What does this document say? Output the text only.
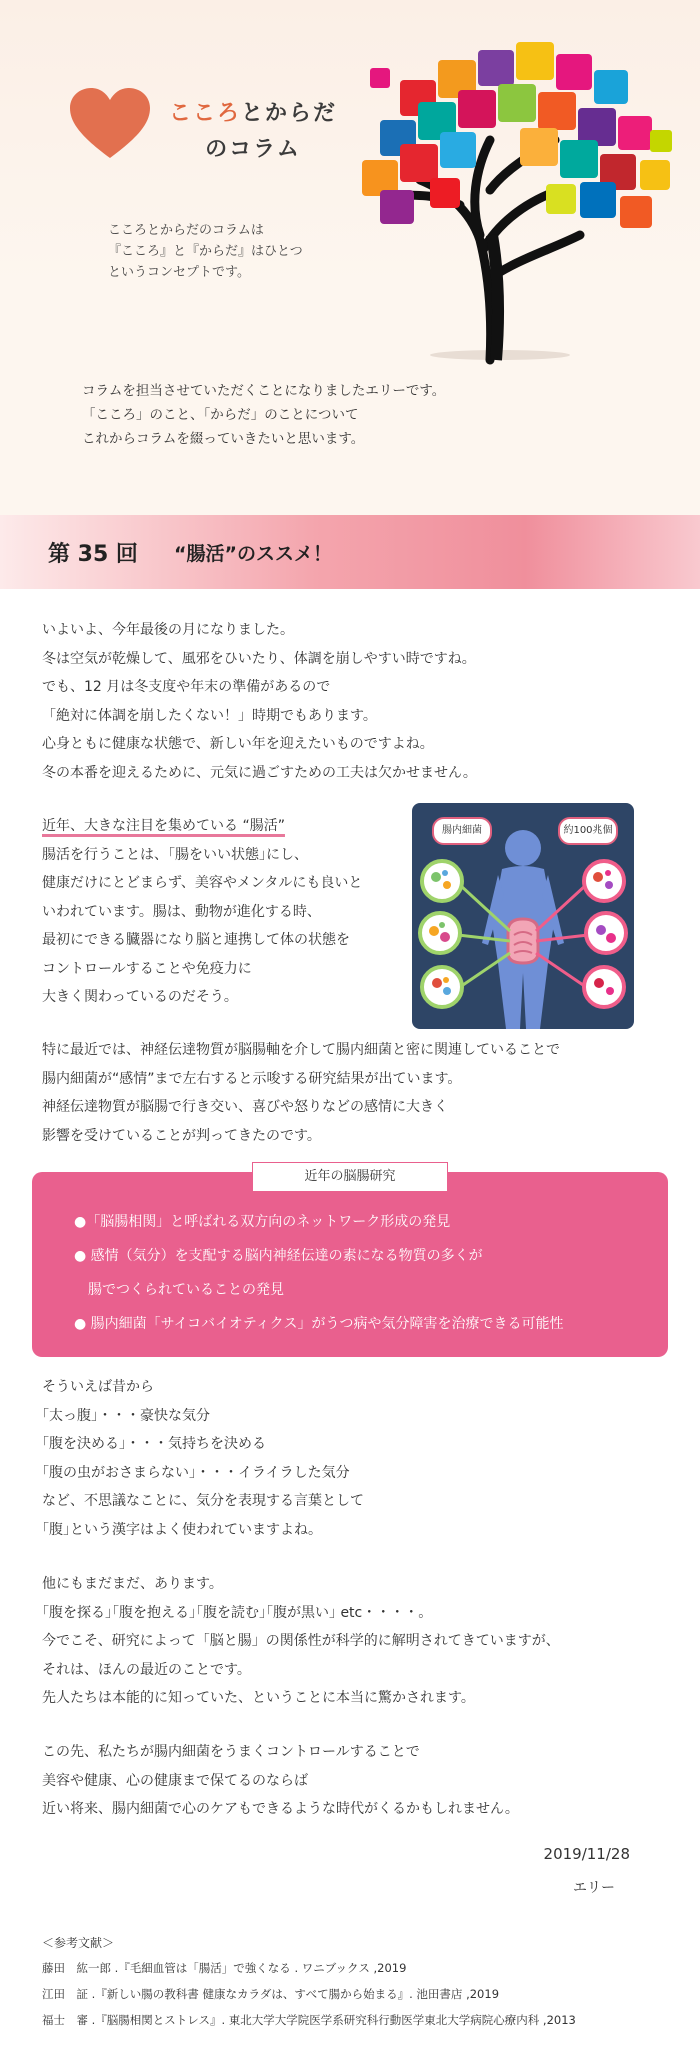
こころとからだ
のコラム
こころとからだのコラムは
『こころ』と『からだ』はひとつ
というコンセプトです。
コラムを担当させていただくことになりましたエリーです。
「こころ」のこと、「からだ」のことについて
これからコラムを綴っていきたいと思います。
第 35 回 “腸活”のススメ！
いよいよ、今年最後の月になりました。
冬は空気が乾燥して、風邪をひいたり、体調を崩しやすい時ですね。
でも、12 月は冬支度や年末の準備があるので
「絶対に体調を崩したくない！」時期でもあります。
心身ともに健康な状態で、新しい年を迎えたいものですよね。
冬の本番を迎えるために、元気に過ごすための工夫は欠かせません。
近年、大きな注目を集めている “腸活”
腸活を行うことは、｢腸をいい状態｣にし、
健康だけにとどまらず、美容やメンタルにも良いと
いわれています。腸は、動物が進化する時、
最初にできる臓器になり脳と連携して体の状態を
コントロールすることや免疫力に
大きく関わっているのだそう。
腸内細菌	約100兆個
特に最近では、神経伝達物質が脳腸軸を介して腸内細菌と密に関連していることで
腸内細菌が“感情”まで左右すると示唆する研究結果が出ています。
神経伝達物質が脳腸で行き交い、喜びや怒りなどの感情に大きく
影響を受けていることが判ってきたのです。
近年の脳腸研究
●「脳腸相関」と呼ばれる双方向のネットワーク形成の発見
● 感情（気分）を支配する脳内神経伝達の素になる物質の多くが
　腸でつくられていることの発見
● 腸内細菌「サイコバイオティクス」がうつ病や気分障害を治療できる可能性
そういえば昔から
｢太っ腹｣・・・豪快な気分
｢腹を決める｣・・・気持ちを決める
｢腹の虫がおさまらない｣・・・イライラした気分
など、不思議なことに、気分を表現する言葉として
｢腹｣という漢字はよく使われていますよね。
他にもまだまだ、あります。
｢腹を探る｣｢腹を抱える｣｢腹を読む｣｢腹が黒い｣ etc・・・・。
今でこそ、研究によって「脳と腸」の関係性が科学的に解明されてきていますが、
それは、ほんの最近のことです。
先人たちは本能的に知っていた、ということに本当に驚かされます。
この先、私たちが腸内細菌をうまくコントロールすることで
美容や健康、心の健康まで保てるのならば
近い将来、腸内細菌で心のケアもできるような時代がくるかもしれません。
2019/11/28
エリー
＜参考文献＞
藤田　紘一郎 .『毛細血管は「腸活」で強くなる . ワニブックス ,2019
江田　証 .『新しい腸の教科書 健康なカラダは、すべて腸から始まる』. 池田書店 ,2019
福士　審 .『脳腸相関とストレス』. 東北大学大学院医学系研究科行動医学東北大学病院心療内科 ,2013
